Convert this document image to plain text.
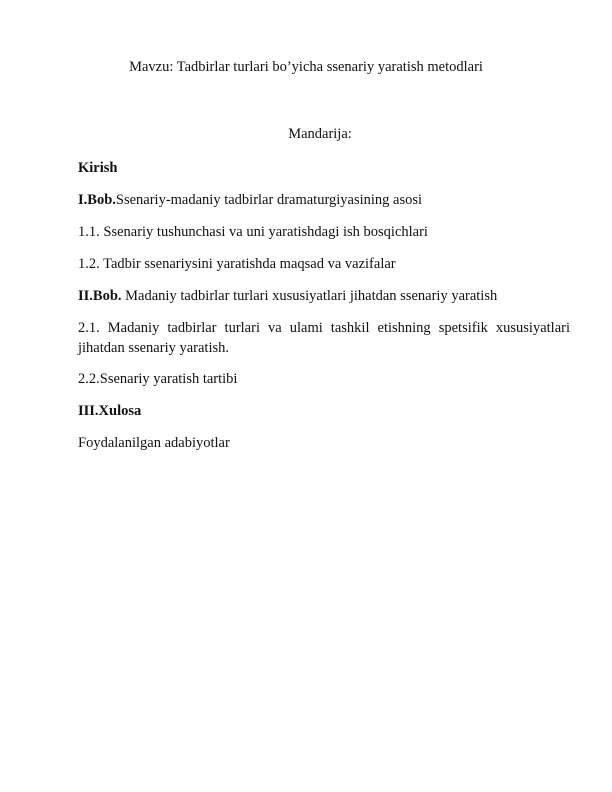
Mavzu: Tadbirlar turlari bo’yicha ssenariy yaratish metodlari
Mandarija:
Kirish
I.Bob.Ssenariy-madaniy tadbirlar dramaturgiyasining asosi
1.1. Ssenariy tushunchasi va uni yaratishdagi ish bosqichlari
1.2. Tadbir ssenariysini yaratishda maqsad va vazifalar
II.Bob. Madaniy tadbirlar turlari xususiyatlari jihatdan ssenariy yaratish
2.1. Madaniy tadbirlar turlari va ulami tashkil etishning spetsifik xususiyatlari jihatdan ssenariy yaratish.
2.2.Ssenariy yaratish tartibi
III.Xulosa
Foydalanilgan adabiyotlar
